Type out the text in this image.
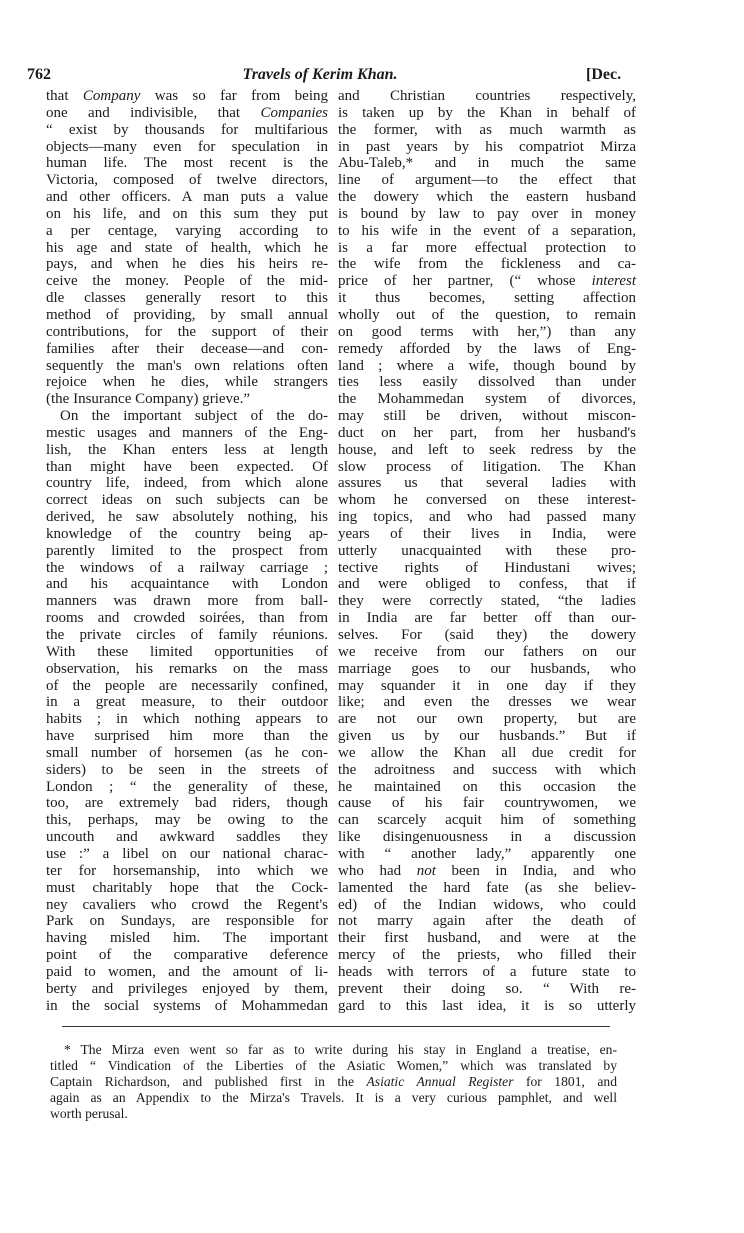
762	Travels of Kerim Khan.	[Dec.
that Company was so far from being
one and indivisible, that Companies
“ exist by thousands for multifarious
objects—many even for speculation in
human life. The most recent is the
Victoria, composed of twelve directors,
and other officers. A man puts a value
on his life, and on this sum they put
a per centage, varying according to
his age and state of health, which he
pays, and when he dies his heirs re-
ceive the money. People of the mid-
dle classes generally resort to this
method of providing, by small annual
contributions, for the support of their
families after their decease—and con-
sequently the man's own relations often
rejoice when he dies, while strangers
(the Insurance Company) grieve.”
On the important subject of the do-
mestic usages and manners of the Eng-
lish, the Khan enters less at length
than might have been expected. Of
country life, indeed, from which alone
correct ideas on such subjects can be
derived, he saw absolutely nothing, his
knowledge of the country being ap-
parently limited to the prospect from
the windows of a railway carriage ;
and his acquaintance with London
manners was drawn more from ball-
rooms and crowded soirées, than from
the private circles of family réunions.
With these limited opportunities of
observation, his remarks on the mass
of the people are necessarily confined,
in a great measure, to their outdoor
habits ; in which nothing appears to
have surprised him more than the
small number of horsemen (as he con-
siders) to be seen in the streets of
London ; “ the generality of these,
too, are extremely bad riders, though
this, perhaps, may be owing to the
uncouth and awkward saddles they
use :” a libel on our national charac-
ter for horsemanship, into which we
must charitably hope that the Cock-
ney cavaliers who crowd the Regent's
Park on Sundays, are responsible for
having misled him. The important
point of the comparative deference
paid to women, and the amount of li-
berty and privileges enjoyed by them,
in the social systems of Mohammedan
and Christian countries respectively,
is taken up by the Khan in behalf of
the former, with as much warmth as
in past years by his compatriot Mirza
Abu-Taleb,* and in much the same
line of argument—to the effect that
the dowery which the eastern husband
is bound by law to pay over in money
to his wife in the event of a separation,
is a far more effectual protection to
the wife from the fickleness and ca-
price of her partner, (“ whose interest
it thus becomes, setting affection
wholly out of the question, to remain
on good terms with her,”) than any
remedy afforded by the laws of Eng-
land ; where a wife, though bound by
ties less easily dissolved than under
the Mohammedan system of divorces,
may still be driven, without miscon-
duct on her part, from her husband's
house, and left to seek redress by the
slow process of litigation. The Khan
assures us that several ladies with
whom he conversed on these interest-
ing topics, and who had passed many
years of their lives in India, were
utterly unacquainted with these pro-
tective rights of Hindustani wives;
and were obliged to confess, that if
they were correctly stated, “the ladies
in India are far better off than our-
selves. For (said they) the dowery
we receive from our fathers on our
marriage goes to our husbands, who
may squander it in one day if they
like; and even the dresses we wear
are not our own property, but are
given us by our husbands.” But if
we allow the Khan all due credit for
the adroitness and success with which
he maintained on this occasion the
cause of his fair countrywomen, we
can scarcely acquit him of something
like disingenuousness in a discussion
with “ another lady,” apparently one
who had not been in India, and who
lamented the hard fate (as she believ-
ed) of the Indian widows, who could
not marry again after the death of
their first husband, and were at the
mercy of the priests, who filled their
heads with terrors of a future state to
prevent their doing so. “ With re-
gard to this last idea, it is so utterly
* The Mirza even went so far as to write during his stay in England a treatise, en-
titled “ Vindication of the Liberties of the Asiatic Women,” which was translated by
Captain Richardson, and published first in the Asiatic Annual Register for 1801, and
again as an Appendix to the Mirza's Travels. It is a very curious pamphlet, and well
worth perusal.
